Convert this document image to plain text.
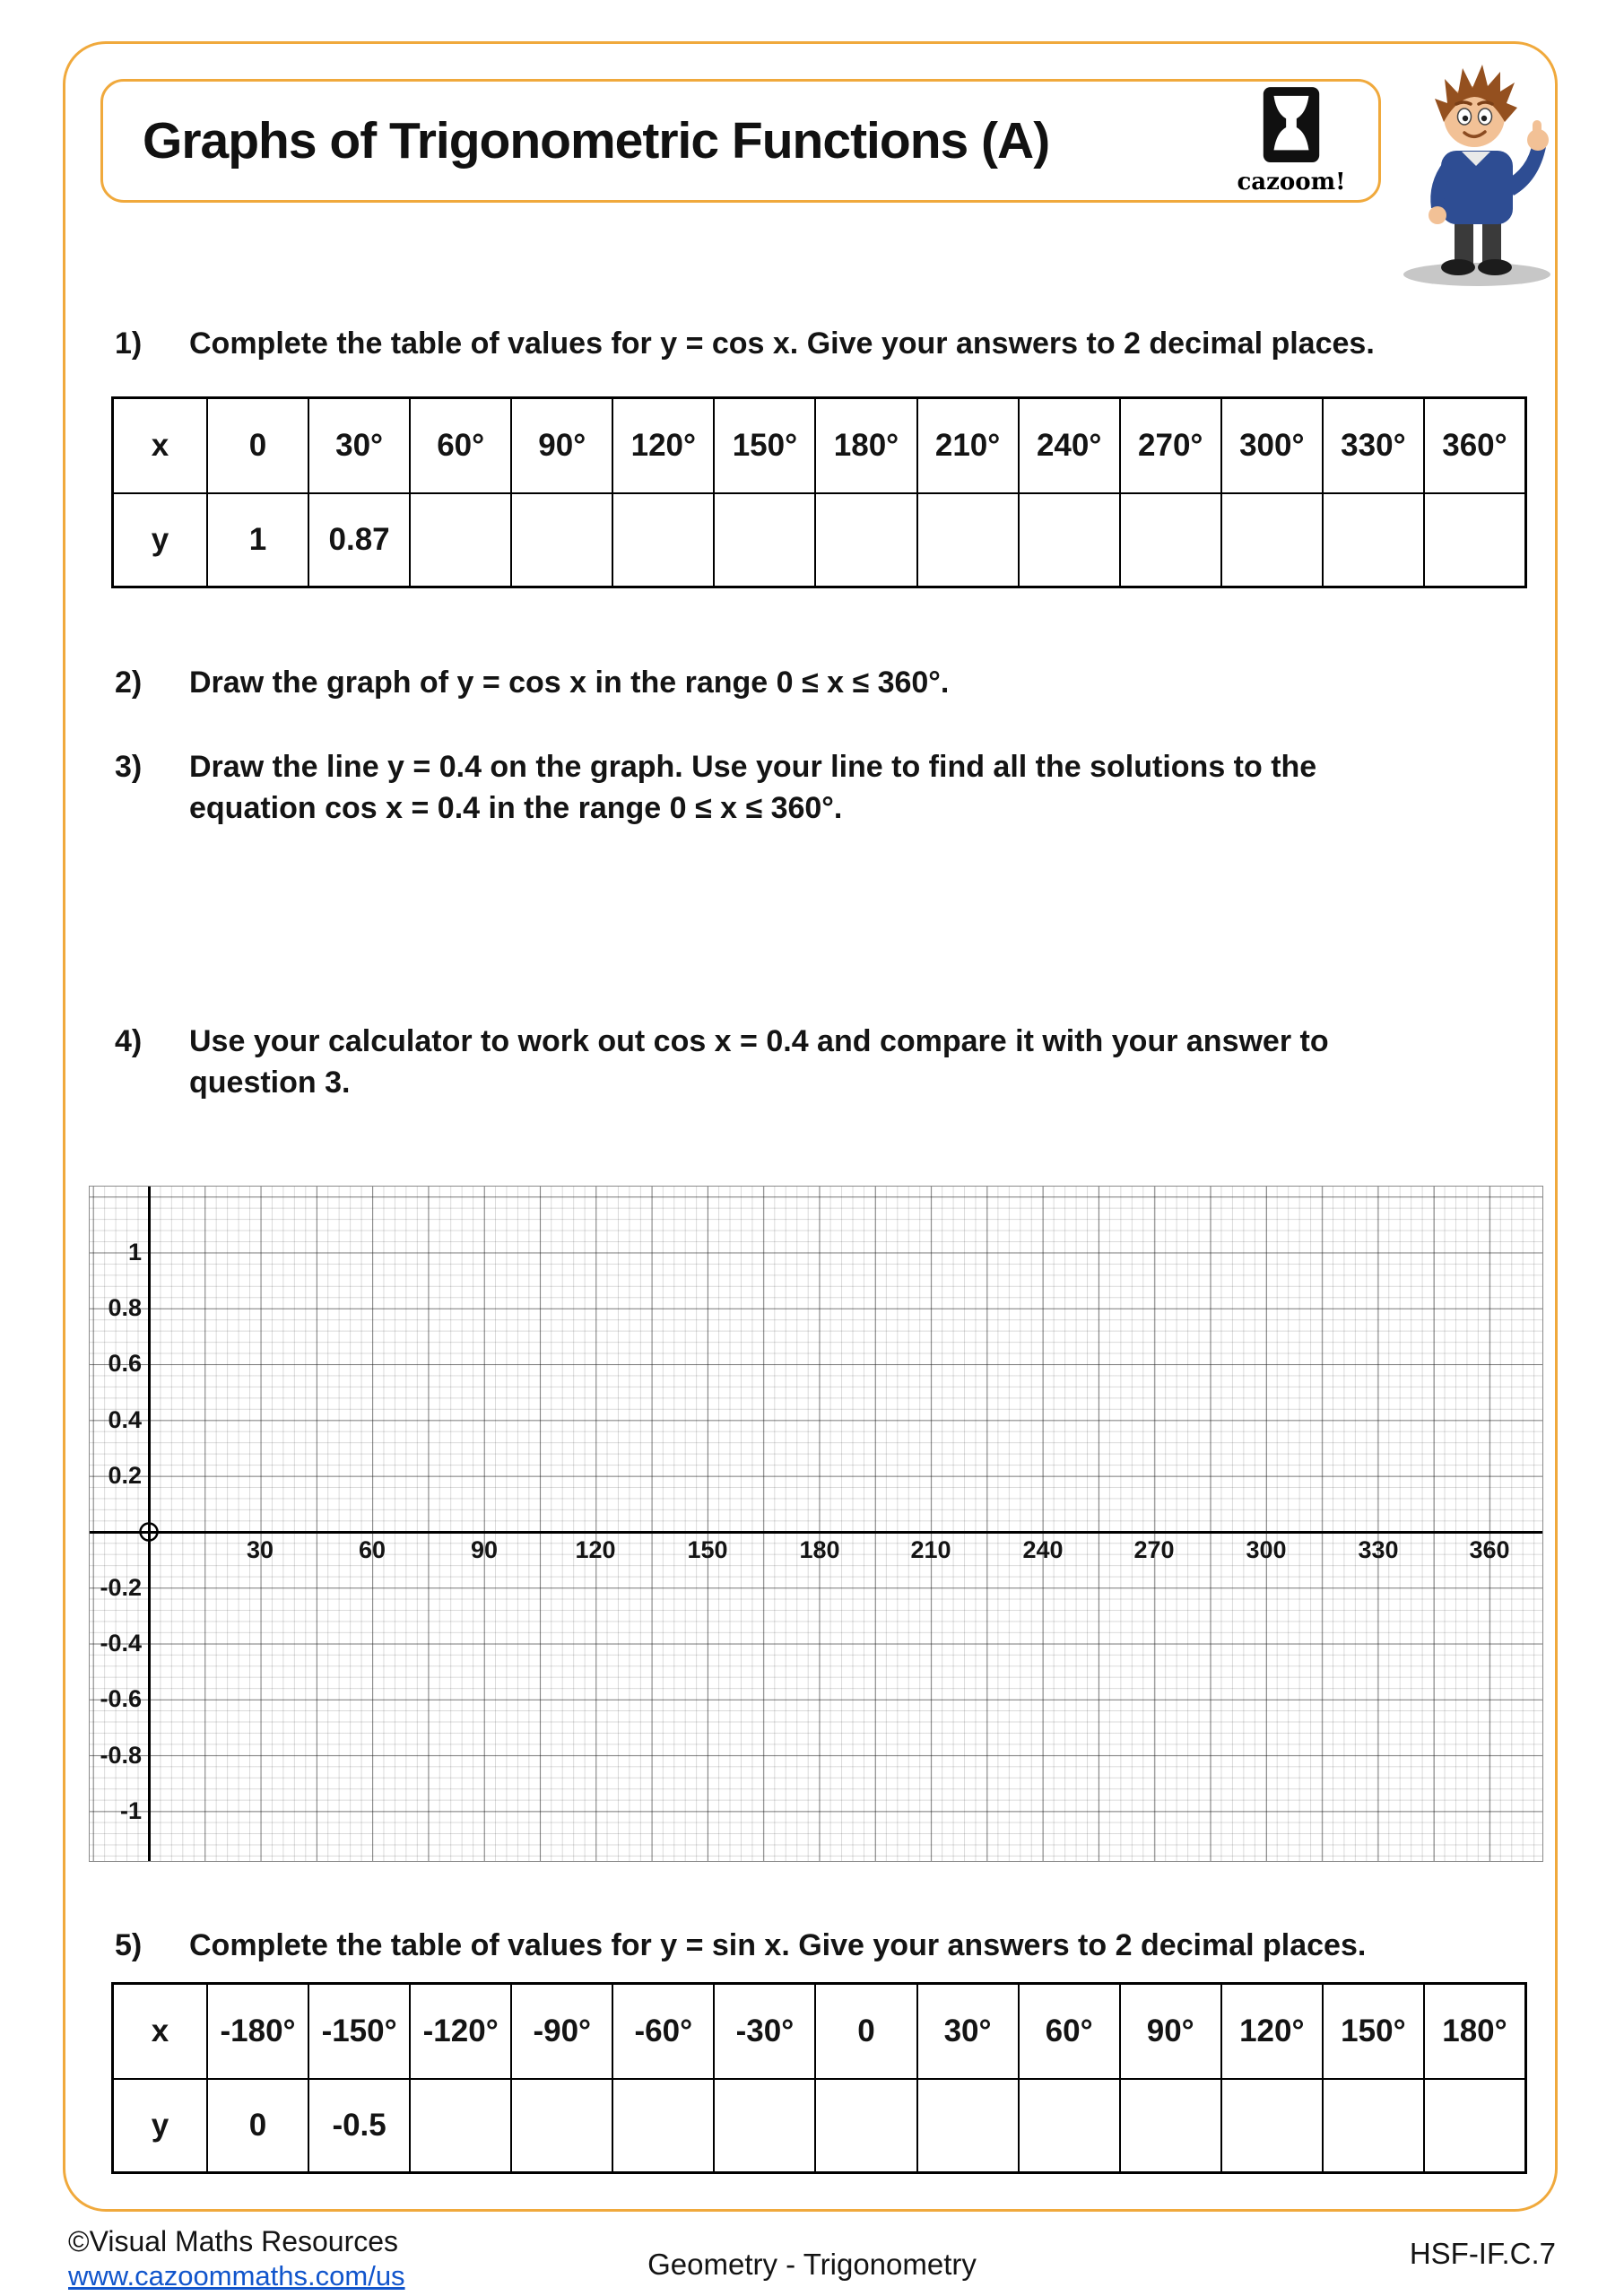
Graphs of Trigonometric Functions (A)
cazoom!
1) Complete the table of values for y = cos x. Give your answers to 2 decimal places.
x	0	30°	60°	90°	120°	150°	180°	210°	240°	270°	300°	330°	360°
y	1	0.87
2) Draw the graph of y = cos x in the range 0 ≤ x ≤ 360°.
3) Draw the line y = 0.4 on the graph. Use your line to find all the solutions to the
equation cos x = 0.4 in the range 0 ≤ x ≤ 360°.
4) Use your calculator to work out cos x = 0.4 and compare it with your answer to
question 3.
1
0.8
0.6
0.4
0.2
-0.2
-0.4
-0.6
-0.8
-1
30	60	90	120	150	180	210	240	270	300	330	360
5) Complete the table of values for y = sin x. Give your answers to 2 decimal places.
x	-180° -150° -120°	-90°	-60°	-30°	0	30°	60°	90°	120°	150°	180°
y	0	-0.5
©Visual Maths Resources
www.cazoommaths.com/us	Geometry - Trigonometry	HSF-IF.C.7
